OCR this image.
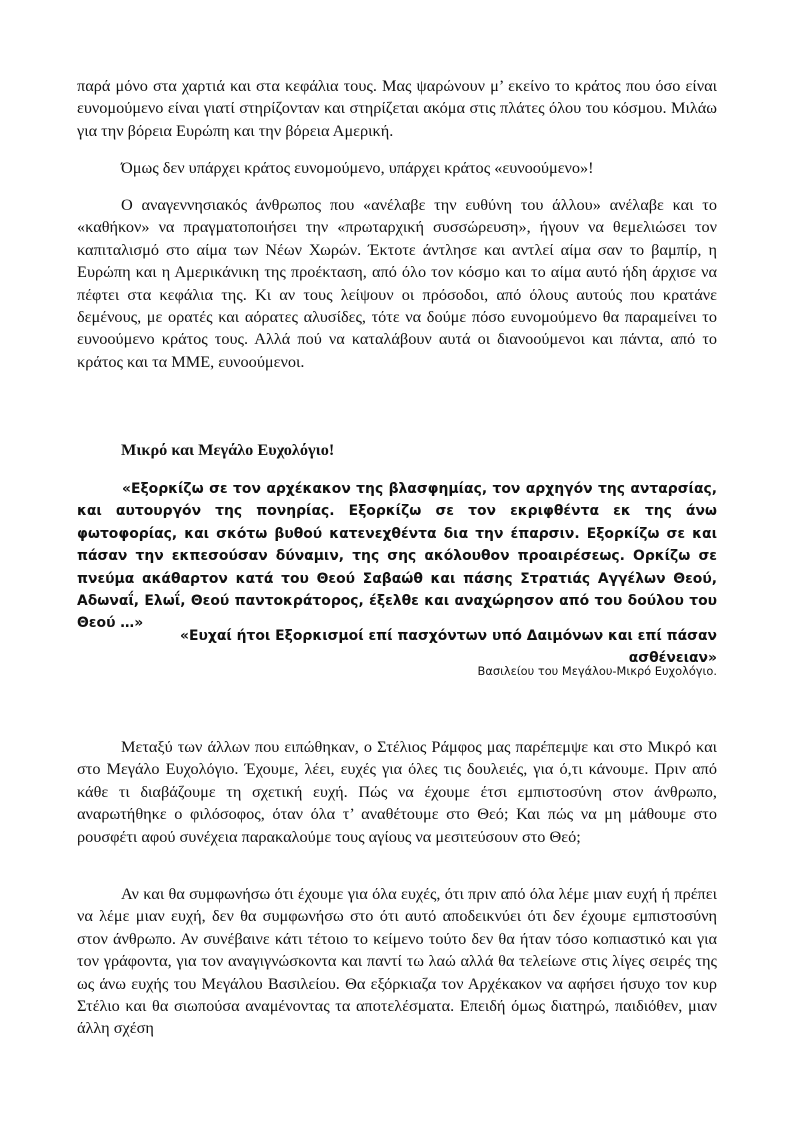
παρά μόνο στα χαρτιά και στα κεφάλια τους. Μας ψαρώνουν μ’ εκείνο το κράτος που όσο είναι ευνομούμενο είναι γιατί στηρίζονταν και στηρίζεται ακόμα στις πλάτες όλου του κόσμου. Μιλάω για την βόρεια Ευρώπη και την βόρεια Αμερική.

Όμως δεν υπάρχει κράτος ευνομούμενο, υπάρχει κράτος «ευνοούμενο»!

Ο αναγεννησιακός άνθρωπος που «ανέλαβε την ευθύνη του άλλου» ανέλαβε και το «καθήκον» να πραγματοποιήσει την «πρωταρχική συσσώρευση», ήγουν να θεμελιώσει τον καπιταλισμό στο αίμα των Νέων Χωρών. Έκτοτε άντλησε και αντλεί αίμα σαν το βαμπίρ, η Ευρώπη και η Αμερικάνικη της προέκταση, από όλο τον κόσμο και το αίμα αυτό ήδη άρχισε να πέφτει στα κεφάλια της. Κι αν τους λείψουν οι πρόσοδοι, από όλους αυτούς που κρατάνε δεμένους, με ορατές και αόρατες αλυσίδες, τότε να δούμε πόσο ευνομούμενο θα παραμείνει το ευνοούμενο κράτος τους. Αλλά πού να καταλάβουν αυτά οι διανοούμενοι και πάντα, από το κράτος και τα ΜΜΕ, ευνοούμενοι.

Μικρό και Μεγάλο Ευχολόγιο!

«Εξορκίζω σε τον αρχέκακον της βλασφημίας, τον αρχηγόν της ανταρσίας, και αυτουργόν της πονηρίας. Εξορκίζω σε τον εκριφθέντα εκ της άνω φωτοφορίας, και σκότω βυθού κατενεχθέντα δια την έπαρσιν. Εξορκίζω σε και πάσαν την εκπεσούσαν δύναμιν, της σης ακόλουθον προαιρέσεως. Ορκίζω σε πνεύμα ακάθαρτον κατά του Θεού Σαβαώθ και πάσης Στρατιάς Αγγέλων Θεού, Αδωναΐ, Ελωΐ, Θεού παντοκράτορος, έξελθε και αναχώρησον από του δούλου του Θεού …»

«Ευχαί ήτοι Εξορκισμοί επί πασχόντων υπό Δαιμόνων και επί πάσαν ασθένειαν»

Βασιλείου του Μεγάλου-Μικρό Ευχολόγιο.

Μεταξύ των άλλων που ειπώθηκαν, ο Στέλιος Ράμφος μας παρέπεμψε και στο Μικρό και στο Μεγάλο Ευχολόγιο. Έχουμε, λέει, ευχές για όλες τις δουλειές, για ό,τι κάνουμε. Πριν από κάθε τι διαβάζουμε τη σχετική ευχή. Πώς να έχουμε έτσι εμπιστοσύνη στον άνθρωπο, αναρωτήθηκε ο φιλόσοφος, όταν όλα τ’ αναθέτουμε στο Θεό; Και πώς να μη μάθουμε στο ρουσφέτι αφού συνέχεια παρακαλούμε τους αγίους να μεσιτεύσουν στο Θεό;

Αν και θα συμφωνήσω ότι έχουμε για όλα ευχές, ότι πριν από όλα λέμε μιαν ευχή ή πρέπει να λέμε μιαν ευχή, δεν θα συμφωνήσω στο ότι αυτό αποδεικνύει ότι δεν έχουμε εμπιστοσύνη στον άνθρωπο. Αν συνέβαινε κάτι τέτοιο το κείμενο τούτο δεν θα ήταν τόσο κοπιαστικό και για τον γράφοντα, για τον αναγιγνώσκοντα και παντί τω λαώ αλλά θα τελείωνε στις λίγες σειρές της ως άνω ευχής του Μεγάλου Βασιλείου. Θα εξόρκιαζα τον Αρχέκακον να αφήσει ήσυχο τον κυρ Στέλιο και θα σιωπούσα αναμένοντας τα αποτελέσματα. Επειδή όμως διατηρώ, παιδιόθεν, μιαν άλλη σχέση
